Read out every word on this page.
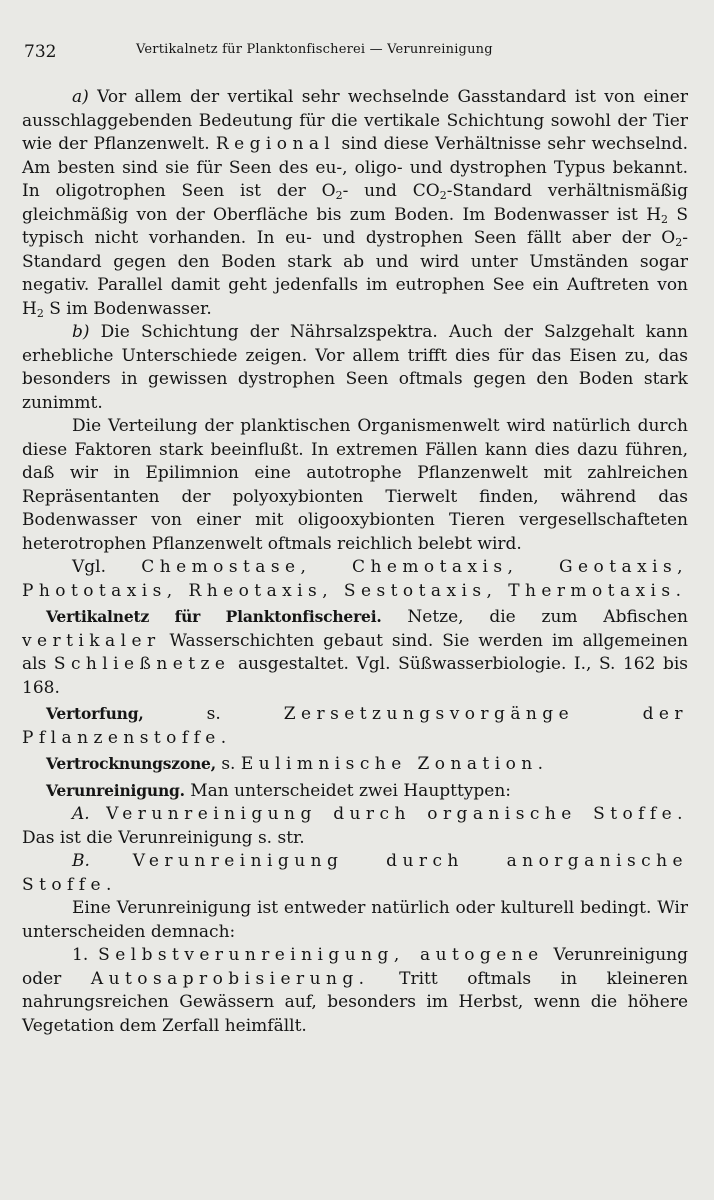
732	Vertikalnetz für Planktonfischerei — Verunreinigung

a) Vor allem der vertikal sehr wechselnde Gasstandard ist von einer ausschlaggebenden Bedeutung für die vertikale Schichtung sowohl der Tier wie der Pflanzenwelt. Regional sind diese Verhältnisse sehr wechselnd. Am besten sind sie für Seen des eu-, oligo- und dystrophen Typus bekannt. In oligotrophen Seen ist der $O_2-$ und $CO_2$-Standard verhältnismäßig gleichmäßig von der Oberfläche bis zum Boden. Im Bodenwasser ist $H_2$ S typisch nicht vorhanden. In eu- und dystrophen Seen fällt aber der $O_2$-Standard gegen den Boden stark ab und wird unter Umständen sogar negativ. Parallel damit geht jedenfalls im eutrophen See ein Auftreten von $H_2$ S im Bodenwasser.

b) Die Schichtung der Nährsalzspektra. Auch der Salzgehalt kann erhebliche Unterschiede zeigen. Vor allem trifft dies für das Eisen zu, das besonders in gewissen dystrophen Seen oftmals gegen den Boden stark zunimmt.

Die Verteilung der planktischen Organismenwelt wird natürlich durch diese Faktoren stark beeinflußt. In extremen Fällen kann dies dazu führen, daß wir in Epilimnion eine autotrophe Pflanzenwelt mit zahlreichen Repräsentanten der polyoxybionten Tierwelt finden, während das Bodenwasser von einer mit oligooxybionten Tieren vergesellschafteten heterotrophen Pflanzenwelt oftmals reichlich belebt wird.

Vgl. Chemostase, Chemotaxis, Geotaxis, Phototaxis, Rheotaxis, Sestotaxis, Thermotaxis.

Vertikalnetz für Planktonfischerei. Netze, die zum Abfischen vertikaler Wasserschichten gebaut sind. Sie werden im allgemeinen als Schließnetze ausgestaltet. Vgl. Süßwasserbiologie. I., S. 162 bis 168.

Vertorfung, s. Zersetzungsvorgänge der Pflanzenstoffe.

Vertrocknungszone, s. Eulimnische Zonation.

Verunreinigung. Man unterscheidet zwei Haupttypen:

A. Verunreinigung durch organische Stoffe. Das ist die Verunreinigung s. str.

B. Verunreinigung durch anorganische Stoffe.

Eine Verunreinigung ist entweder natürlich oder kulturell bedingt. Wir unterscheiden demnach:

1. Selbstverunreinigung, autogene Verunreinigung oder Autosaprobisierung. Tritt oftmals in kleineren nahrungsreichen Gewässern auf, besonders im Herbst, wenn die höhere Vegetation dem Zerfall heimfällt.
